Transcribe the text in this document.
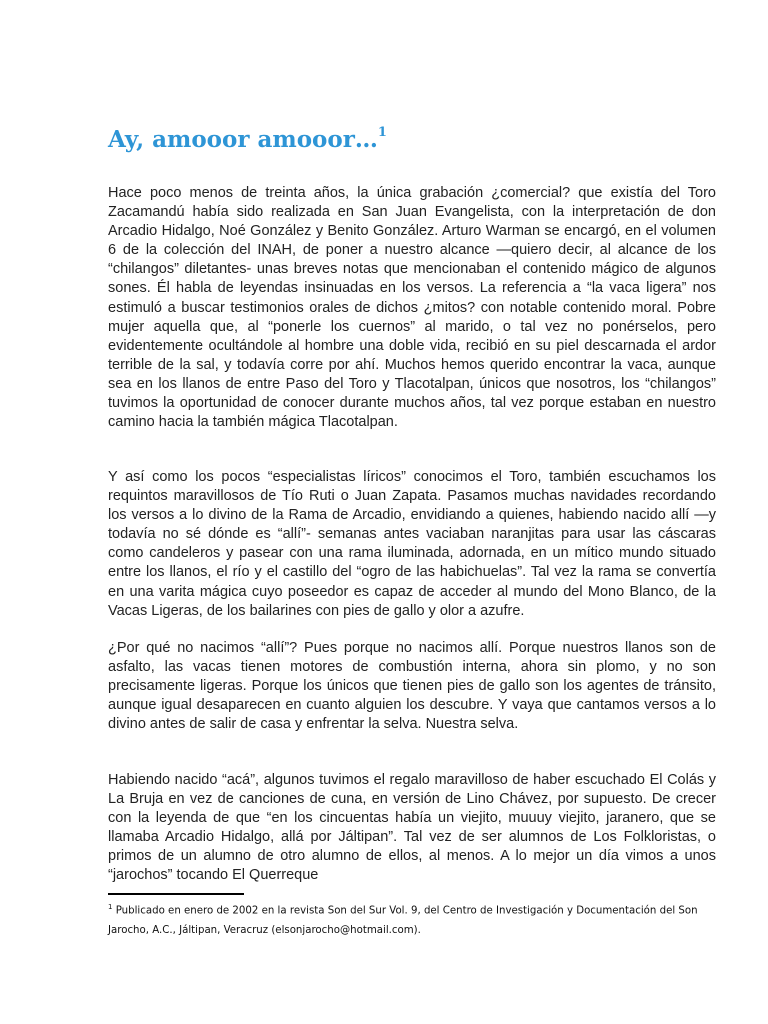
Ay, amooor amooor…$^1$

Hace poco menos de treinta años, la única grabación ¿comercial? que existía del Toro Zacamandú había sido realizada en San Juan Evangelista, con la interpretación de don Arcadio Hidalgo, Noé González y Benito González. Arturo Warman se encargó, en el volumen 6 de la colección del INAH, de poner a nuestro alcance —quiero decir, al alcance de los “chilangos” diletantes- unas breves notas que mencionaban el contenido mágico de algunos sones. Él habla de leyendas insinuadas en los versos. La referencia a “la vaca ligera” nos estimuló a buscar testimonios orales de dichos ¿mitos? con notable contenido moral. Pobre mujer aquella que, al “ponerle los cuernos” al marido, o tal vez no ponérselos, pero evidentemente ocultándole al hombre una doble vida, recibió en su piel descarnada el ardor terrible de la sal, y todavía corre por ahí. Muchos hemos querido encontrar la vaca, aunque sea en los llanos de entre Paso del Toro y Tlacotalpan, únicos que nosotros, los “chilangos” tuvimos la oportunidad de conocer durante muchos años, tal vez porque estaban en nuestro camino hacia la también mágica Tlacotalpan.

Y así como los pocos “especialistas líricos” conocimos el Toro, también escuchamos los requintos maravillosos de Tío Ruti o Juan Zapata. Pasamos muchas navidades recordando los versos a lo divino de la Rama de Arcadio, envidiando a quienes, habiendo nacido allí —y todavía no sé dónde es “allí”- semanas antes vaciaban naranjitas para usar las cáscaras como candeleros y pasear con una rama iluminada, adornada, en un mítico mundo situado entre los llanos, el río y el castillo del “ogro de las habichuelas”. Tal vez la rama se convertía en una varita mágica cuyo poseedor es capaz de acceder al mundo del Mono Blanco, de la Vacas Ligeras, de los bailarines con pies de gallo y olor a azufre.

¿Por qué no nacimos “allí”? Pues porque no nacimos allí. Porque nuestros llanos son de asfalto, las vacas tienen motores de combustión interna, ahora sin plomo, y no son precisamente ligeras. Porque los únicos que tienen pies de gallo son los agentes de tránsito, aunque igual desaparecen en cuanto alguien los descubre. Y vaya que cantamos versos a lo divino antes de salir de casa y enfrentar la selva. Nuestra selva.

Habiendo nacido “acá”, algunos tuvimos el regalo maravilloso de haber escuchado El Colás y La Bruja en vez de canciones de cuna, en versión de Lino Chávez, por supuesto. De crecer con la leyenda de que “en los cincuentas había un viejito, muuuy viejito, jaranero, que se llamaba Arcadio Hidalgo, allá por Jáltipan”. Tal vez de ser alumnos de Los Folkloristas, o primos de un alumno de otro alumno de ellos, al menos. A lo mejor un día vimos a unos “jarochos” tocando El Querreque

$^1$ Publicado en enero de 2002 en la revista Son del Sur Vol. 9, del Centro de Investigación y Documentación del Son Jarocho, A.C., Jáltipan, Veracruz (elsonjarocho@hotmail.com).
